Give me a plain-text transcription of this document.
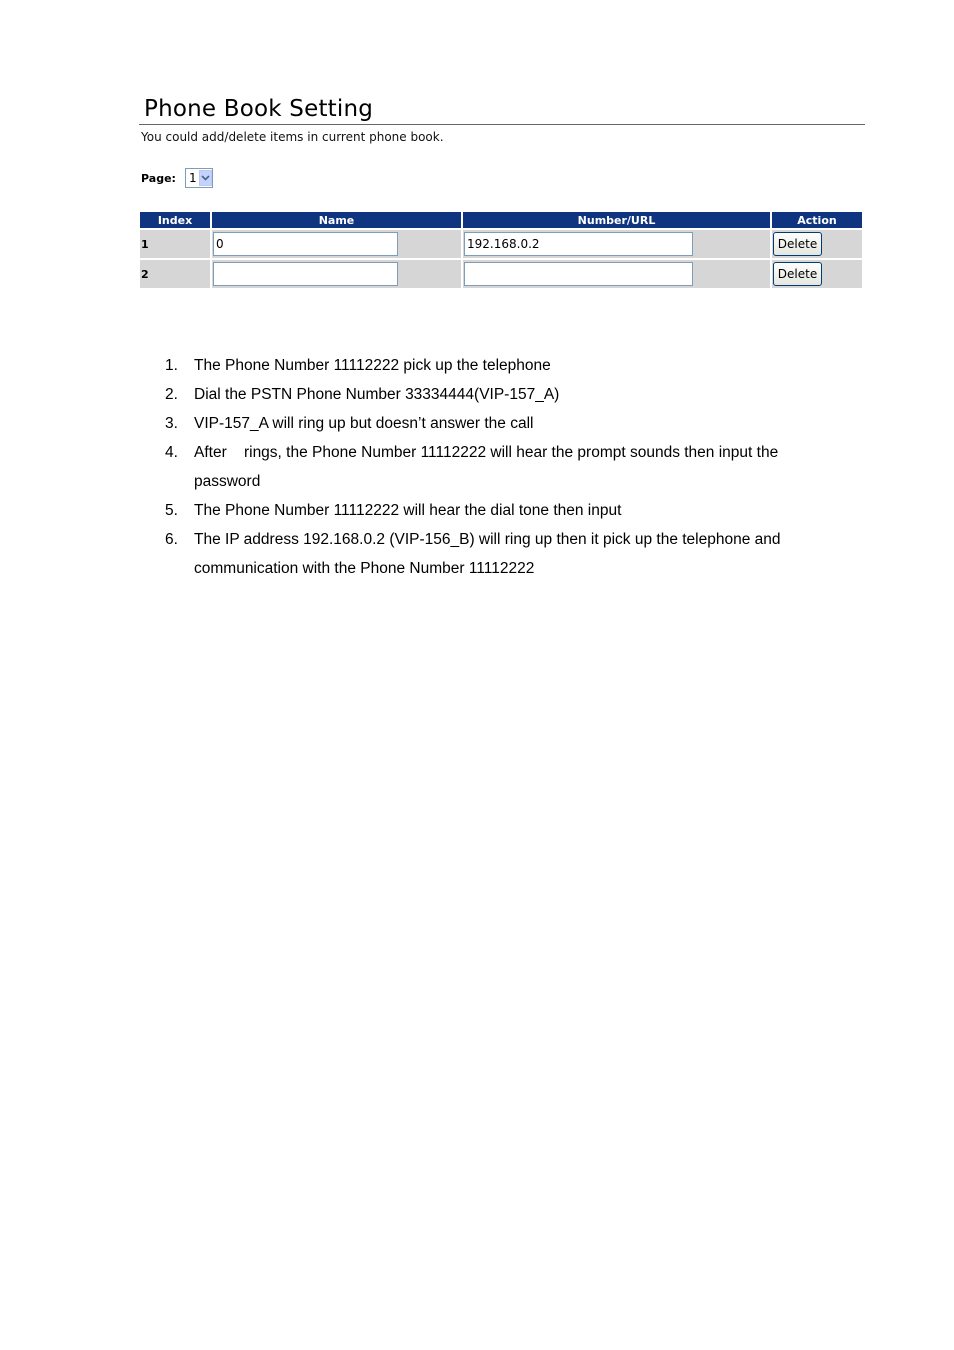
Phone Book Setting
You could add/delete items in current phone book.
Page: 1
Index	Name	Number/URL	Action
1	0	192.168.0.2	Delete
2			Delete
1. The Phone Number 11112222 pick up the telephone
2. Dial the PSTN Phone Number 33334444(VIP-157_A)
3. VIP-157_A will ring up but doesn’t answer the call
4. After    rings, the Phone Number 11112222 will hear the prompt sounds then input the password
5. The Phone Number 11112222 will hear the dial tone then input
6. The IP address 192.168.0.2 (VIP-156_B) will ring up then it pick up the telephone and communication with the Phone Number 11112222
